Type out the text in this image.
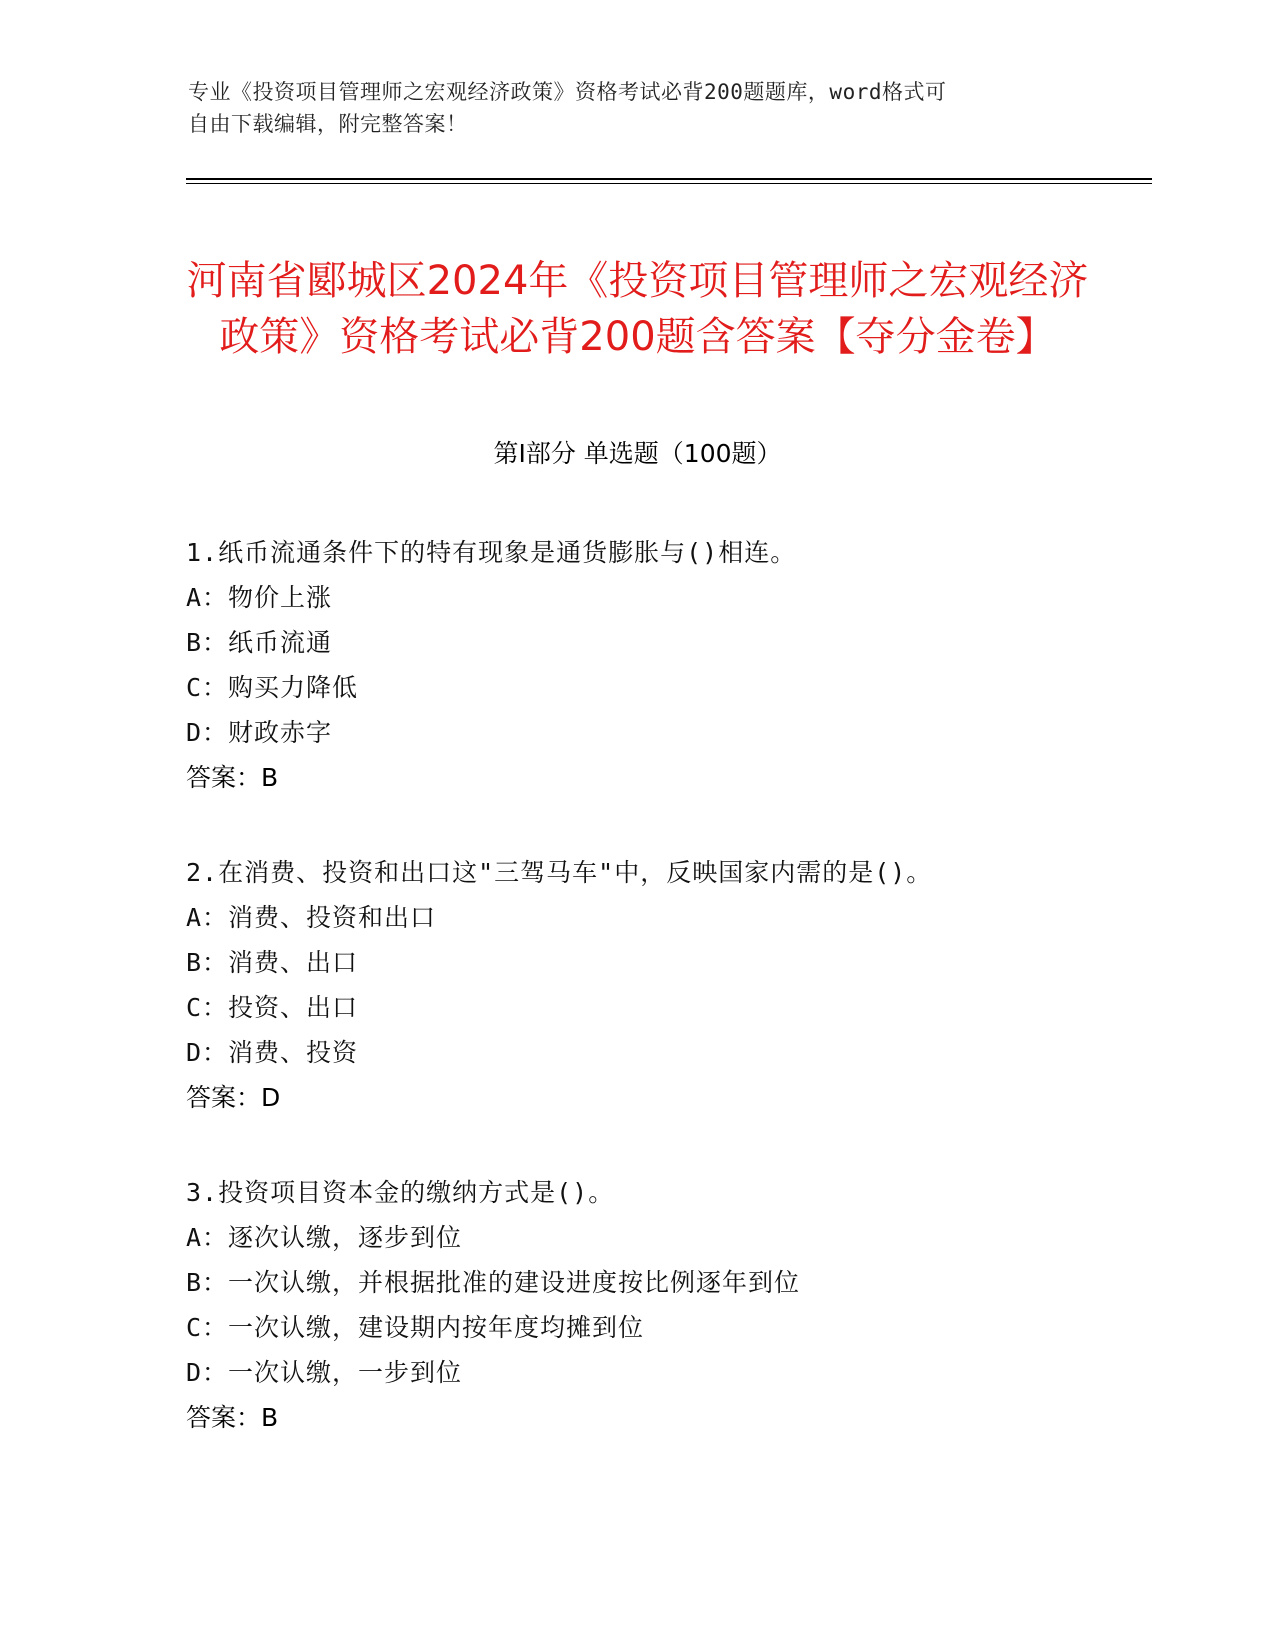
专业《投资项目管理师之宏观经济政策》资格考试必背200题题库，word格式可
自由下载编辑，附完整答案！
河南省郾城区2024年《投资项目管理师之宏观经济政策》资格考试必背200题含答案【夺分金卷】
第I部分 单选题（100题）
1.纸币流通条件下的特有现象是通货膨胀与()相连。
A：物价上涨
B：纸币流通
C：购买力降低
D：财政赤字
答案：B
2.在消费、投资和出口这"三驾马车"中，反映国家内需的是()。
A：消费、投资和出口
B：消费、出口
C：投资、出口
D：消费、投资
答案：D
3.投资项目资本金的缴纳方式是()。
A：逐次认缴，逐步到位
B：一次认缴，并根据批准的建设进度按比例逐年到位
C：一次认缴，建设期内按年度均摊到位
D：一次认缴，一步到位
答案：B
